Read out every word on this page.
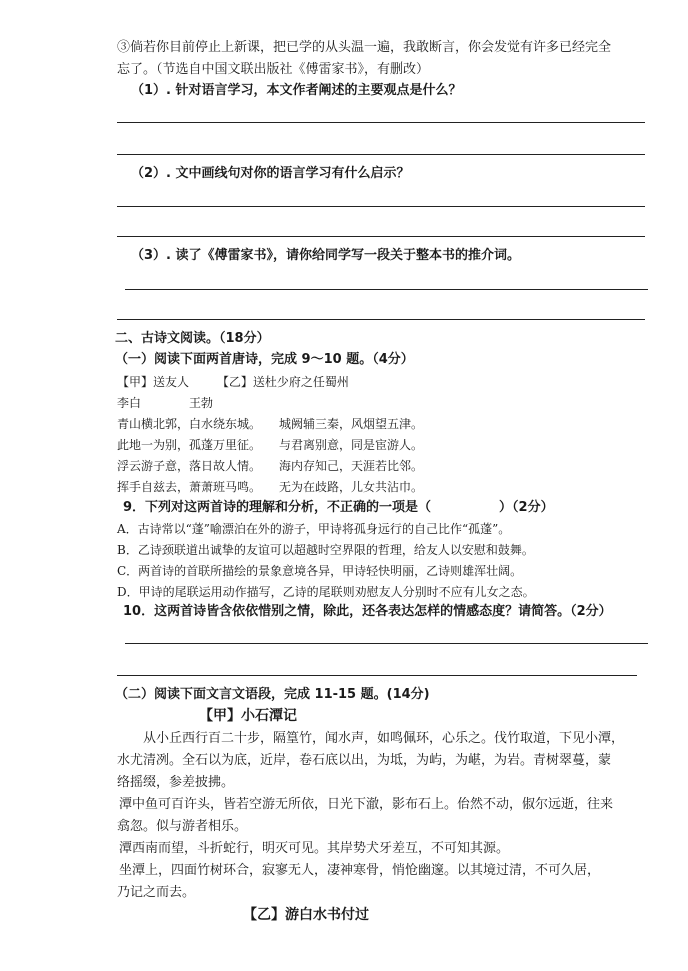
③倘若你目前停止上新课，把已学的从头温一遍，我敢断言，你会发觉有许多已经完全
忘了。（节选自中国文联出版社《傅雷家书》，有删改）
（1）. 针对语言学习，本文作者阐述的主要观点是什么？
（2）. 文中画线句对你的语言学习有什么启示？
（3）. 读了《傅雷家书》，请你给同学写一段关于整本书的推介词。
二、古诗文阅读。（18分）
（一）阅读下面两首唐诗，完成 9～10 题。（4分）
【甲】送友人　　 【乙】送杜少府之任蜀州
李白　　　　王勃
青山横北郭，白水绕东城。　　城阙辅三秦，风烟望五津。
此地一为别，孤蓬万里征。　　与君离别意，同是宦游人。
浮云游子意，落日故人情。　　海内存知己，天涯若比邻。
挥手自兹去，萧萧班马鸣。　　无为在歧路，儿女共沾巾。
9．下列对这两首诗的理解和分析，不正确的一项是（	）（2分）
A．古诗常以“蓬”喻漂泊在外的游子，甲诗将孤身远行的自己比作“孤蓬”。
B．乙诗颈联道出诚挚的友谊可以超越时空界限的哲理，给友人以安慰和鼓舞。
C．两首诗的首联所描绘的景象意境各异，甲诗轻快明丽，乙诗则雄浑壮阔。
D．甲诗的尾联运用动作描写，乙诗的尾联则劝慰友人分别时不应有儿女之态。
10．这两首诗皆含依依惜别之情，除此，还各表达怎样的情感态度？请简答。（2分）
（二）阅读下面文言文语段，完成 11-15 题。(14分)
【甲】小石潭记
从小丘西行百二十步，隔篁竹，闻水声，如鸣佩环，心乐之。伐竹取道，下见小潭，
水尤清冽。全石以为底，近岸，卷石底以出，为坻，为屿，为嵁，为岩。青树翠蔓，蒙
络摇缀，参差披拂。
潭中鱼可百许头，皆若空游无所依，日光下澈，影布石上。佁然不动，俶尔远逝，往来
翕忽。似与游者相乐。
潭西南而望，斗折蛇行，明灭可见。其岸势犬牙差互，不可知其源。
坐潭上，四面竹树环合，寂寥无人，凄神寒骨，悄怆幽邃。以其境过清，不可久居，
乃记之而去。
【乙】游白水书付过
